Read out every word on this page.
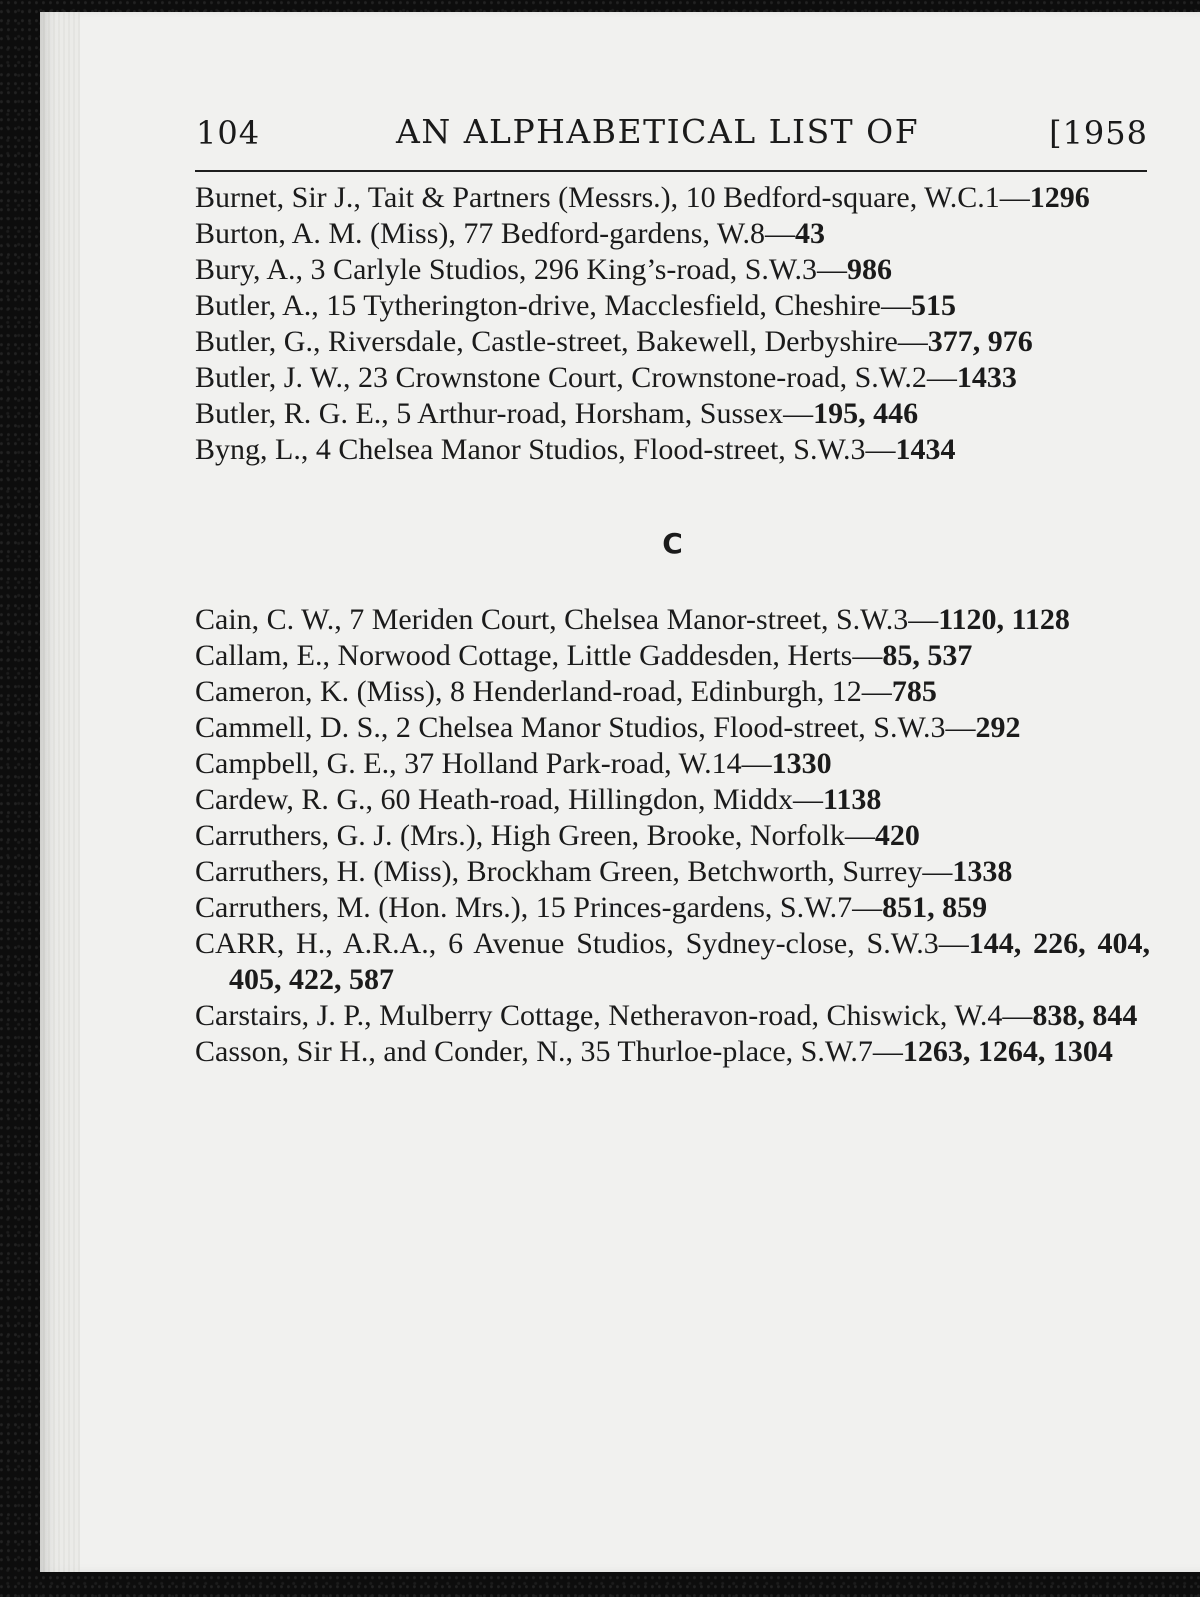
104	AN ALPHABETICAL LIST OF	[1958

Burnet, Sir J., Tait & Partners (Messrs.), 10 Bedford-square, W.C.1—1296

Burton, A. M. (Miss), 77 Bedford-gardens, W.8—43

Bury, A., 3 Carlyle Studios, 296 King’s-road, S.W.3—986

Butler, A., 15 Tytherington-drive, Macclesfield, Cheshire—515

Butler, G., Riversdale, Castle-street, Bakewell, Derbyshire—377, 976

Butler, J. W., 23 Crownstone Court, Crownstone-road, S.W.2—1433

Butler, R. G. E., 5 Arthur-road, Horsham, Sussex—195, 446

Byng, L., 4 Chelsea Manor Studios, Flood-street, S.W.3—1434

C

Cain, C. W., 7 Meriden Court, Chelsea Manor-street, S.W.3—1120, 1128

Callam, E., Norwood Cottage, Little Gaddesden, Herts—85, 537

Cameron, K. (Miss), 8 Henderland-road, Edinburgh, 12—785

Cammell, D. S., 2 Chelsea Manor Studios, Flood-street, S.W.3—292

Campbell, G. E., 37 Holland Park-road, W.14—1330

Cardew, R. G., 60 Heath-road, Hillingdon, Middx—1138

Carruthers, G. J. (Mrs.), High Green, Brooke, Norfolk—420

Carruthers, H. (Miss), Brockham Green, Betchworth, Surrey—1338

Carruthers, M. (Hon. Mrs.), 15 Princes-gardens, S.W.7—851, 859

CARR, H., A.R.A., 6 Avenue Studios, Sydney-close, S.W.3—144, 226, 404, 405, 422, 587

Carstairs, J. P., Mulberry Cottage, Netheravon-road, Chiswick, W.4—838, 844

Casson, Sir H., and Conder, N., 35 Thurloe-place, S.W.7—1263, 1264, 1304
